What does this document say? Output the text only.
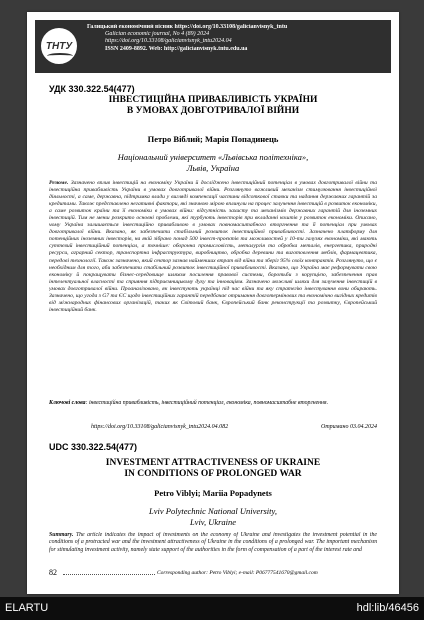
ТНТУ
Галицький економічний вісник https://doi.org/10.33108/galicianvisnyk_tntu
Galician economic journal, No 4 (89) 2024
https://doi.org/10.33108/galicianvisnyk_tntu2024.04
ISSN 2409-8892. Web: http://galicianvisnyk.tntu.edu.ua
УДК 330.322.54(477)
ІНВЕСТИЦІЙНА ПРИВАБЛИВІСТЬ УКРАЇНИ
В УМОВАХ ДОВГОТРИВАЛОЇ ВІЙНИ
Петро Віблий; Марія Попадинець
Національний університет «Львівська політехніка»,
Львів, Україна
Резюме. Зазначено вплив інвестицій на економіку України й досліджено інвестиційний потенціал в умовах довготривалої війни та інвестиційна привабливість України в умовах довготривалої війни. Розглянуто важливий механізм стимулювання інвестиційної діяльності, а саме, державна, підтримка влади у вигляді компенсації частини відсоткової ставки та надання державних гарантій за кредитами. Також представлено негативні фактори, які значною мірою вплинули на процес залучення інвестицій в розвиток економіки, а саме розвиток країни та її економіки в умовах війни: відсутність захисту та механізмів державних гарантій для іноземних інвестицій. Тим не менш розкрито основні проблеми, які турбують інвесторів при вкладанні коштів у розвиток економіки. Описано, чому Україна залишається інвестиційно привабливою в умовах повномасштабного вторгнення та її потенціал при умовах довготривалої війни. Вказано, як забезпечити стабільний розвиток інвестиційної привабливості. Зазначено платформу для потенційних іноземних інвесторів, на якій зібрано понад 500 інвест-проєктів та можливостей у 10-ти галузях економіки, які мають суттєвий інвестиційний потенціал, а точніше: оборонна промисловість, металургія та обробка металів, енергетика, природні ресурси, аграрний сектор, транспортна інфраструктура, виробництво, обробка деревини та виготовлення меблів, фармацевтика, передові технології. Також зазначено, який сектор зазнав найменших втрат від війни та зберіг 95% своїх контрактів. Розглянуто, що є необхідним для того, аби забезпечити стабільний розвиток інвестиційної привабливості. Вказано, що Україна має реформувати свою економіку й покращувати бізнес-середовище шляхом посилення правової системи, боротьби з корупцією, забезпечення прав інтелектуальної власності та сприяння підприємницькому духу та інноваціям. Зазначено можливі шляхи для залучення інвестицій в умовах довготривалої війни. Проаналізовано, як інвестують українці під час війни та яку стратегію інвестування вони обирають. Зазначено, що угода з G7 та ЄС щодо інвестиційних гарантій передбачає отримання довготермінових та економічно вигідних кредитів від міжнародних фінансових організацій, таких як Світовий банк, Європейський банк реконструкції та розвитку, Європейський інвестиційний банк.
Ключові слова: інвестиційна привабливість, інвестиційний потенціал, економіка, повномасштабне вторгнення.
https://doi.org/10.33108/galicianvisnyk_tntu2024.04.082	Отримано 03.04.2024
UDC 330.322.54(477)
INVESTMENT ATTRACTIVENESS OF UKRAINE
IN CONDITIONS OF PROLONGED WAR
Petro Viblyi; Mariia Popadynets
Lviv Polytechnic National University,
Lviv, Ukraine
Summary. The article indicates the impact of investments on the economy of Ukraine and investigates the investment potential in the conditions of a protracted war and the investment attractiveness of Ukraine in the conditions of a prolonged war. The important mechanism for stimulating investment activity, namely state support of the authorities in the form of compensation of a part of the interest rate and
82	Corresponding author: Petro Viblyi; e-mail: P06777541670@gmail.com
ELARTU	hdl:lib/46456
